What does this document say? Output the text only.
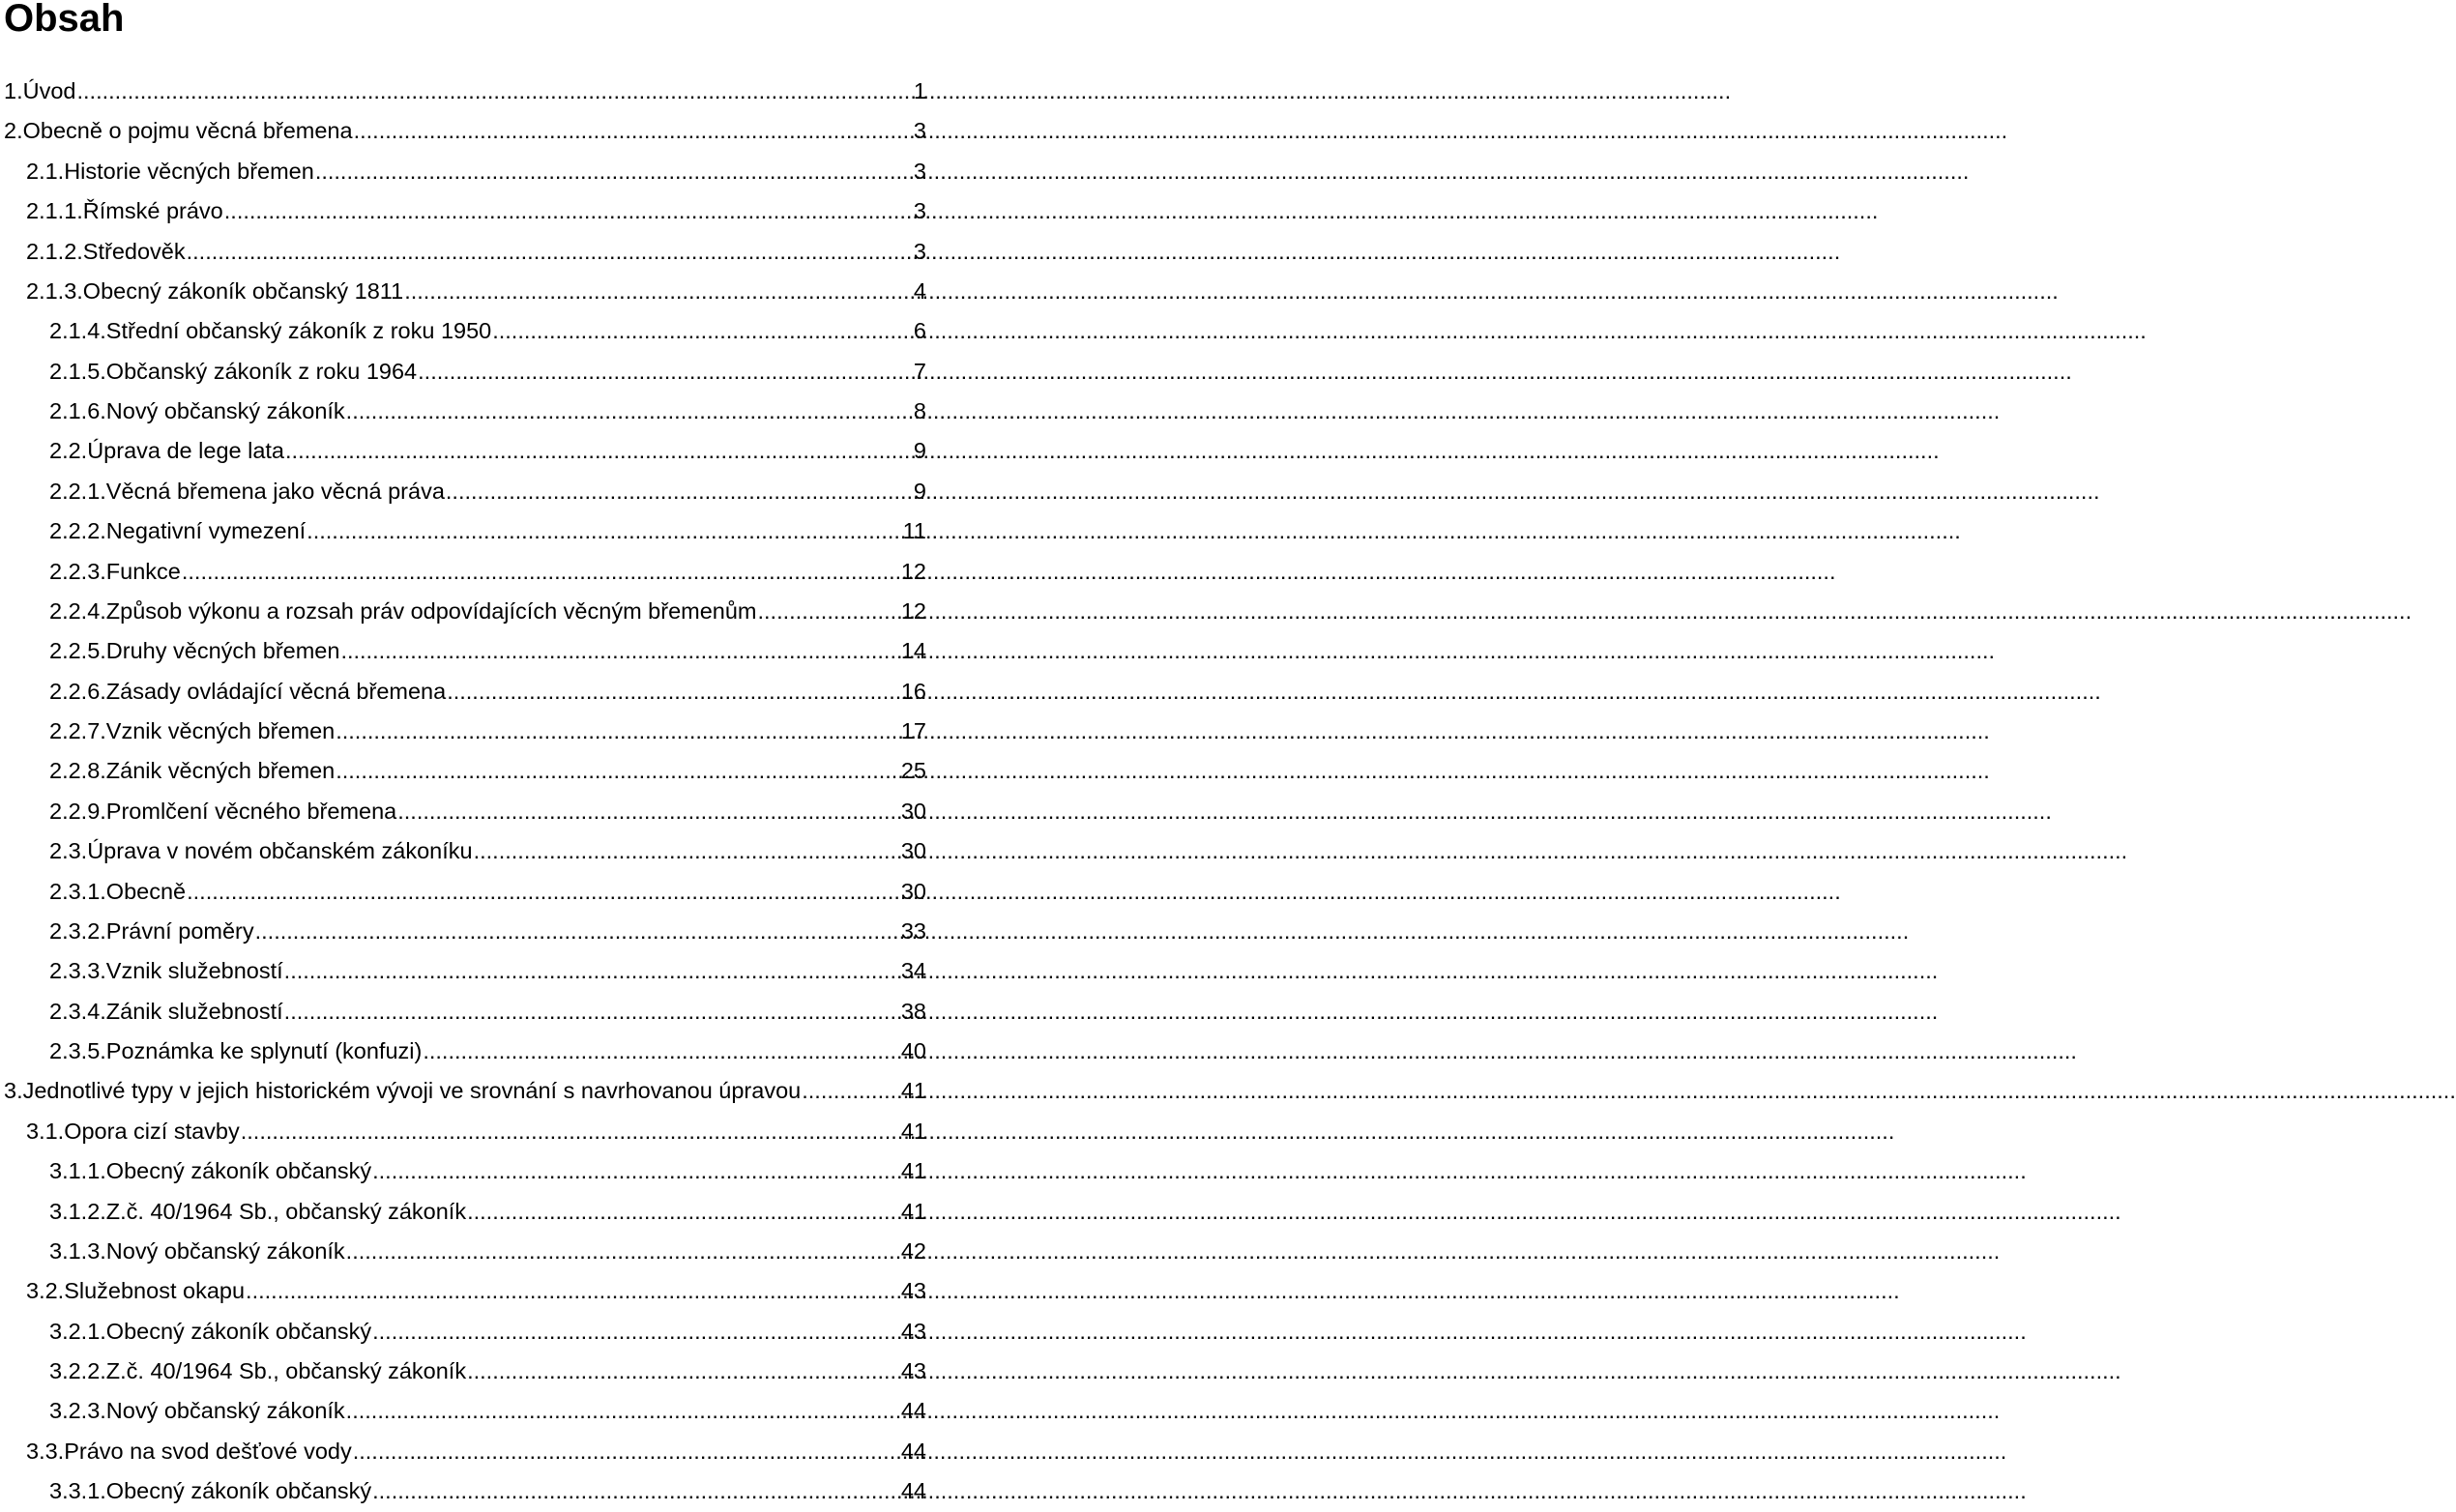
Obsah
1. Úvod .....	1
2. Obecně o pojmu věcná břemena .....	3
2.1. Historie věcných břemen .....	3
2.1.1. Římské právo .....	3
2.1.2. Středověk .....	3
2.1.3. Obecný zákoník občanský 1811 .....	4
2.1.4. Střední občanský zákoník z roku 1950 .....	6
2.1.5. Občanský zákoník z roku 1964 .....	7
2.1.6. Nový občanský zákoník .....	8
2.2. Úprava de lege lata .....	9
2.2.1. Věcná břemena jako věcná práva .....	9
2.2.2. Negativní vymezení .....	11
2.2.3. Funkce .....	12
2.2.4. Způsob výkonu a rozsah práv odpovídajících věcným břemenům .....	12
2.2.5. Druhy věcných břemen .....	14
2.2.6. Zásady ovládající věcná břemena .....	16
2.2.7. Vznik věcných břemen .....	17
2.2.8. Zánik věcných břemen .....	25
2.2.9. Promlčení věcného břemena .....	30
2.3. Úprava v novém občanském zákoníku .....	30
2.3.1. Obecně .....	30
2.3.2. Právní poměry .....	33
2.3.3. Vznik služebností .....	34
2.3.4. Zánik služebností .....	38
2.3.5. Poznámka ke splynutí (konfuzi) .....	40
3. Jednotlivé typy v jejich historickém vývoji ve srovnání s navrhovanou úpravou .....	41
3.1. Opora cizí stavby .....	41
3.1.1. Obecný zákoník občanský .....	41
3.1.2. Z.č. 40/1964 Sb., občanský zákoník .....	41
3.1.3. Nový občanský zákoník .....	42
3.2. Služebnost okapu .....	43
3.2.1. Obecný zákoník občanský .....	43
3.2.2. Z.č. 40/1964 Sb., občanský zákoník .....	43
3.2.3. Nový občanský zákoník .....	44
3.3. Právo na svod dešťové vody .....	44
3.3.1. Obecný zákoník občanský .....	44
